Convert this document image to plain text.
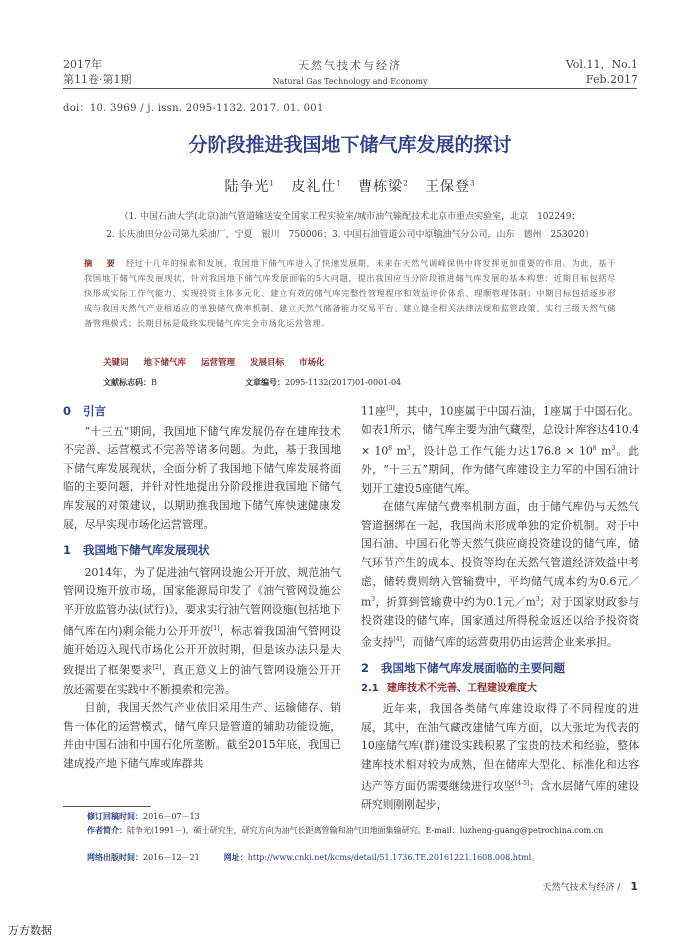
2017年
第11卷·第1期
天然气技术与经济
Natural Gas Technology and Economy
Vol.11，No.1
Feb.2017
doi：10. 3969 / j. issn. 2095-1132. 2017. 01. 001
分阶段推进我国地下储气库发展的探讨
陆争光$^1$ 皮礼仕$^1$ 曹栋梁$^2$ 王保登$^3$
（1. 中国石油大学(北京)油气管道输送安全国家工程实验室/城市油气输配技术北京市重点实验室，北京　102249；
2. 长庆油田分公司第九采油厂，宁夏　银川　750006；3. 中国石油管道公司中原输油气分公司，山东　德州　253020）
摘　要 经过十几年的探索和发展，我国地下储气库进入了快速发展期，未来在天然气调峰保供中将发挥更加重要的作用。为此，基于我国地下储气库发展现状，针对我国地下储气库发展面临的5大问题，提出我国应当分阶段推进储气库发展的基本构想：近期目标包括尽快形成实际工作气能力、实现投资主体多元化、建立有效的储气库完整性管理程序和效益评价体系、理顺管理体制；中期目标包括逐步形成与我国天然气产业相适应的单独储气费率机制、建立天然气储备能力交易平台、建立健全相关法律法规和监管政策、实行三级天然气储备管理模式；长期目标是最终实现储气库完全市场化运营管理。
关键词 地下储气库 运营管理 发展目标 市场化
文献标志码：B	文章编号：2095-1132(2017)01-0001-04
0 引言
“十三五”期间，我国地下储气库发展仍存在建库技术不完善、运营模式不完善等诸多问题。为此，基于我国地下储气库发展现状，全面分析了我国地下储气库发展将面临的主要问题，并针对性地提出分阶段推进我国地下储气库发展的对策建议，以期助推我国地下储气库快速健康发展，尽早实现市场化运营管理。
1 我国地下储气库发展现状
2014年，为了促进油气管网设施公开开放、规范油气管网设施开放市场，国家能源局印发了《油气管网设施公平开放监管办法(试行)》，要求实行油气管网设施(包括地下储气库在内)剩余能力公开开放[1]，标志着我国油气管网设施开始迈入现代市场化公开开放时期，但是该办法只是大致提出了框架要求[2]，真正意义上的油气管网设施公开开放还需要在实践中不断摸索和完善。
目前，我国天然气产业依旧采用生产、运输储存、销售一体化的运营模式，储气库只是管道的辅助功能设施，并由中国石油和中国石化所垄断。截至2015年底，我国已建成投产地下储气库或库群共
11座[3]，其中，10座属于中国石油，1座属于中国石化。如表1所示，储气库主要为油气藏型，总设计库容达410.4 × 10$^8$ m$^3$，设计总工作气能力达176.8 × 10$^8$ m$^3$。此外，“十三五”期间，作为储气库建设主力军的中国石油计划开工建设5座储气库。
在储气库储气费率机制方面，由于储气库仍与天然气管道捆绑在一起，我国尚未形成单独的定价机制。对于中国石油、中国石化等天然气供应商投资建设的储气库，储气环节产生的成本、投资等均在天然气管道经济效益中考虑，储转费则纳入管输费中，平均储气成本约为0.6元／m$^3$，折算到管输费中约为0.1元／m$^3$；对于国家财政参与投资建设的储气库，国家通过所得税金返还以给予投资资金支持[4]，而储气库的运营费用仍由运营企业来承担。
2 我国地下储气库发展面临的主要问题
2.1 建库技术不完善、工程建设难度大
近年来，我国各类储气库建设取得了不同程度的进展，其中，在油气藏改建储气库方面，以大张坨为代表的10座储气库(群)建设实践积累了宝贵的技术和经验，整体建库技术相对较为成熟，但在储库大型化、标准化和达容达产等方面仍需要继续进行攻坚[4-5]；含水层储气库的建设研究则刚刚起步，
修订回稿时间：2016－07－13
作者简介：陆争光(1991－)，硕士研究生，研究方向为油气长距离管输和油气田地面集输研究。E-mail：luzheng-guang@petrochina.com.cn
网络出版时间：2016－12－21　　　	网址：http://www.cnki.net/kcms/detail/51.1736.TE.20161221.1608.008.html。
天然气技术与经济 / 1
万方数据
